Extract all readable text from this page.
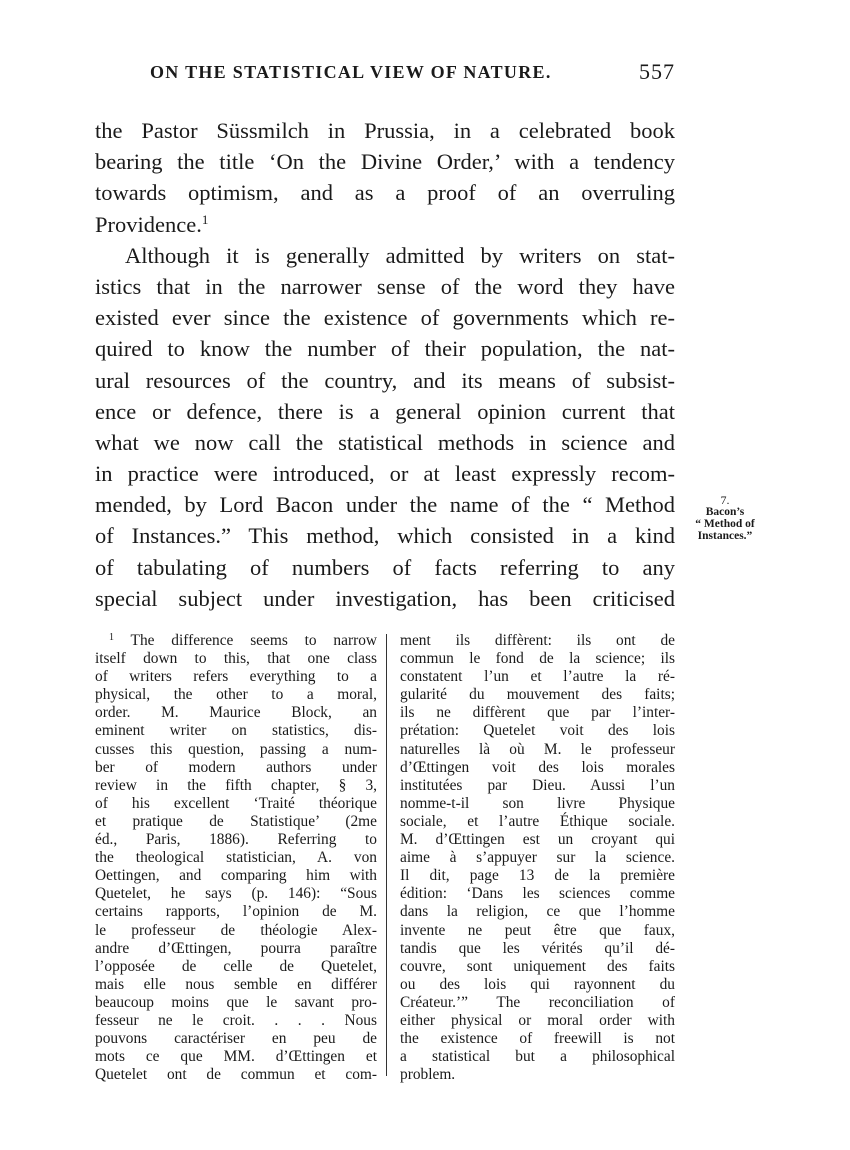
ON THE STATISTICAL VIEW OF NATURE.	557
the Pastor Süssmilch in Prussia, in a celebrated book
bearing the title ‘On the Divine Order,’ with a tendency
towards optimism, and as a proof of an overruling
Providence.$^1$
Although it is generally admitted by writers on stat-
istics that in the narrower sense of the word they have
existed ever since the existence of governments which re-
quired to know the number of their population, the nat-
ural resources of the country, and its means of subsist-
ence or defence, there is a general opinion current that
what we now call the statistical methods in science and
in practice were introduced, or at least expressly recom-
mended, by Lord Bacon under the name of the “ Method
of Instances.” This method, which consisted in a kind
of tabulating of numbers of facts referring to any
special subject under investigation, has been criticised
7.
Bacon’s
“ Method of
Instances.”
$^1$ The difference seems to narrow
itself down to this, that one class
of writers refers everything to a
physical, the other to a moral,
order. M. Maurice Block, an
eminent writer on statistics, dis-
cusses this question, passing a num-
ber of modern authors under
review in the fifth chapter, § 3,
of his excellent ‘Traité théorique
et pratique de Statistique’ (2me
éd., Paris, 1886). Referring to
the theological statistician, A. von
Oettingen, and comparing him with
Quetelet, he says (p. 146): “Sous
certains rapports, l’opinion de M.
le professeur de théologie Alex-
andre d’Œttingen, pourra paraître
l’opposée de celle de Quetelet,
mais elle nous semble en différer
beaucoup moins que le savant pro-
fesseur ne le croit. . . . Nous
pouvons caractériser en peu de
mots ce que MM. d’Œttingen et
Quetelet ont de commun et com-
ment ils diffèrent: ils ont de
commun le fond de la science; ils
constatent l’un et l’autre la ré-
gularité du mouvement des faits;
ils ne diffèrent que par l’inter-
prétation: Quetelet voit des lois
naturelles là où M. le professeur
d’Œttingen voit des lois morales
institutées par Dieu. Aussi l’un
nomme-t-il son livre Physique
sociale, et l’autre Éthique sociale.
M. d’Œttingen est un croyant qui
aime à s’appuyer sur la science.
Il dit, page 13 de la première
édition: ‘Dans les sciences comme
dans la religion, ce que l’homme
invente ne peut être que faux,
tandis que les vérités qu’il dé-
couvre, sont uniquement des faits
ou des lois qui rayonnent du
Créateur.’” The reconciliation of
either physical or moral order with
the existence of freewill is not
a statistical but a philosophical
problem.
